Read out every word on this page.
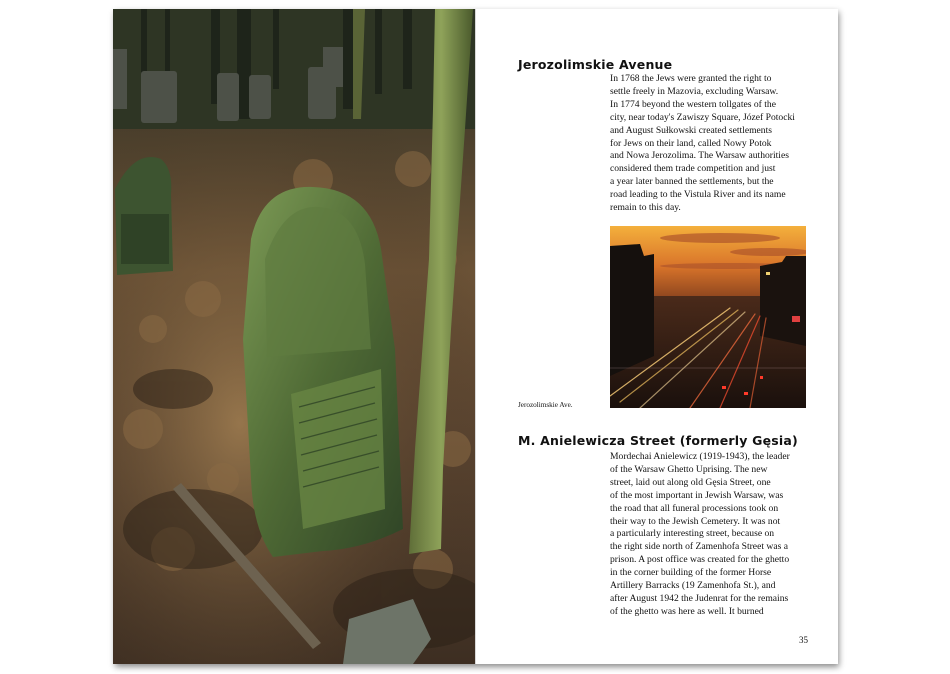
Jerozolimskie Avenue
In 1768 the Jews were granted the right to
settle freely in Mazovia, excluding Warsaw.
In 1774 beyond the western tollgates of the
city, near today's Zawiszy Square, Józef Potocki
and August Sułkowski created settlements
for Jews on their land, called Nowy Potok
and Nowa Jerozolima. The Warsaw authorities
considered them trade competition and just
a year later banned the settlements, but the
road leading to the Vistula River and its name
remain to this day.
Jerozolimskie Ave.
M. Anielewicza Street (formerly Gęsia)
Mordechai Anielewicz (1919-1943), the leader
of the Warsaw Ghetto Uprising. The new
street, laid out along old Gęsia Street, one
of the most important in Jewish Warsaw, was
the road that all funeral processions took on
their way to the Jewish Cemetery. It was not
a particularly interesting street, because on
the right side north of Zamenhofa Street was a
prison. A post office was created for the ghetto
in the corner building of the former Horse
Artillery Barracks (19 Zamenhofa St.), and
after August 1942 the Judenrat for the remains
of the ghetto was here as well. It burned
35
